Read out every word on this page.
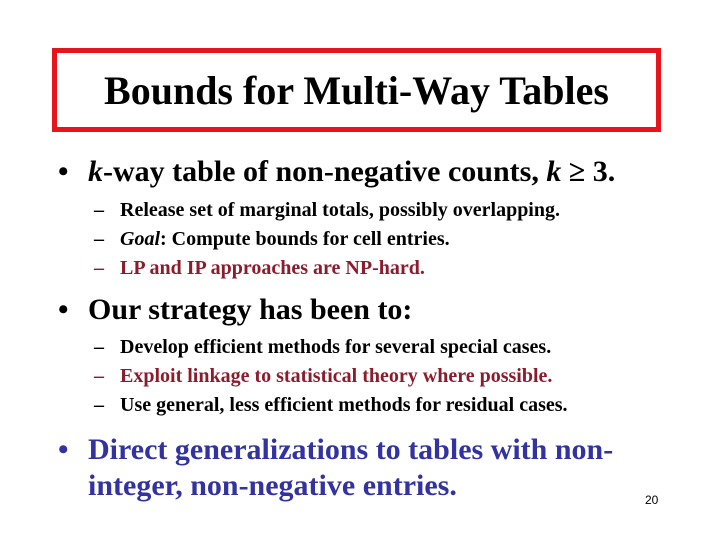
Bounds for Multi-Way Tables
• k-way table of non-negative counts, k ≥ 3.
– Release set of marginal totals, possibly overlapping.
– Goal: Compute bounds for cell entries.
– LP and IP approaches are NP-hard.
• Our strategy has been to:
– Develop efficient methods for several special cases.
– Exploit linkage to statistical theory where possible.
– Use general, less efficient methods for residual cases.
• Direct generalizations to tables with non-
integer, non-negative entries.	20
